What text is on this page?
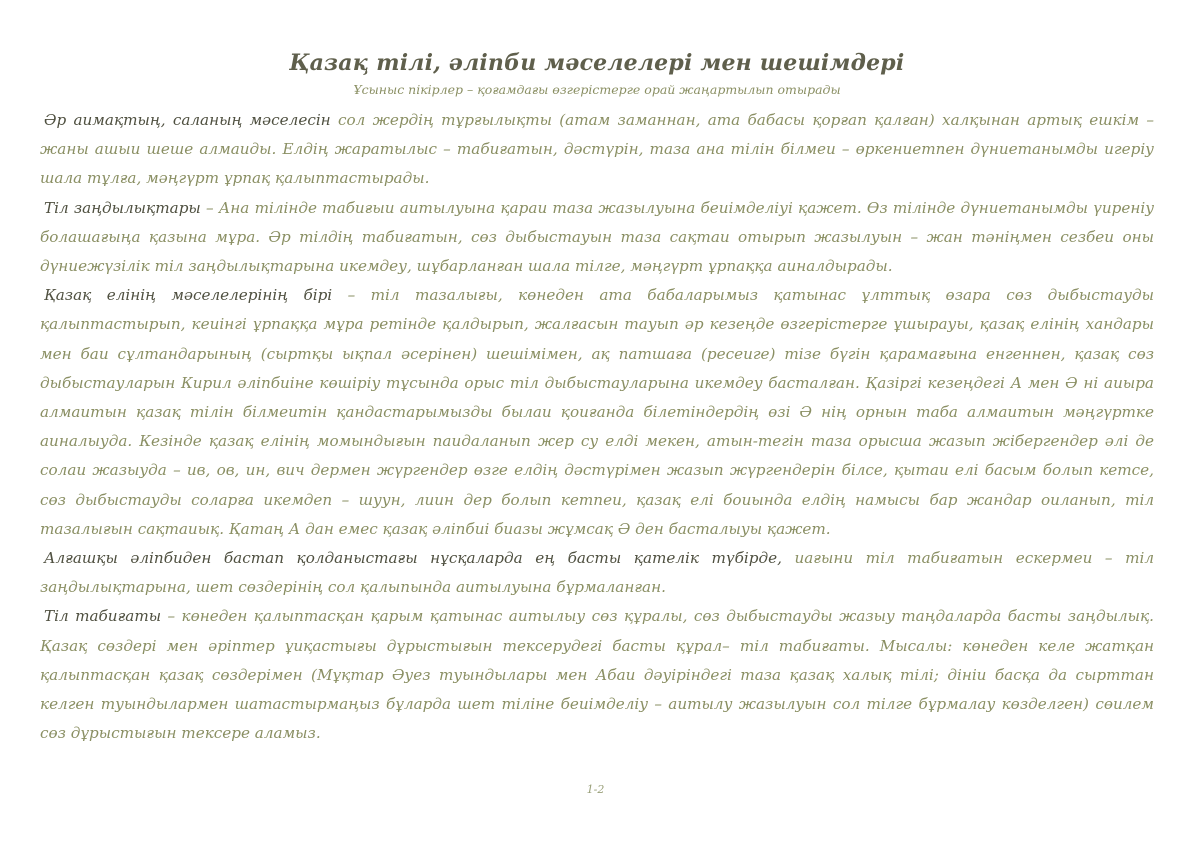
Қазақ тілі, әліпби мәселелері мен шешімдері

Ұсыныс пікірлер – қоғамдағы өзгерістерге орай жаңартылып отырады

Әр аимақтың, саланың мәселесін сол жердің тұрғылықты (атам заманнан, ата бабасы қорғап қалған) халқынан артық ешкім – жаны ашыи шеше алмаиды. Елдің жаратылыс – табиғатын, дәстүрін, таза ана тілін білмеи – өркениетпен дүниетанымды игеріу шала тұлға, мәңгүрт ұрпақ қалыптастырады.

Тіл заңдылықтары – Ана тілінде табиғыи аитылуына қараи таза жазылуына беиімделіуі қажет. Өз тілінде дүниетанымды үиреніу болашағыңа қазына мұра. Әр тілдің табиғатын, сөз дыбыстауын таза сақтаи отырып жазылуын – жан тәніңмен сезбеи оны дүниежүзілік тіл заңдылықтарына икемдеу, шұбарланған шала тілге, мәңгүрт ұрпаққа аиналдырады.

Қазақ елінің мәселелерінің бірі – тіл тазалығы, көнеден ата бабаларымыз қатынас ұлттық өзара сөз дыбыстауды қалыптастырып, кеиінгі ұрпаққа мұра ретінде қалдырып, жалғасын тауып әр кезеңде өзгерістерге ұшырауы, қазақ елінің хандары мен баи сұлтандарының (сыртқы ықпал әсерінен) шешімімен, ақ патшаға (ресеиге) тізе бүгін қарамағына енгеннен, қазақ сөз дыбыстауларын Кирил әліпбиіне көшіріу тұсында орыс тіл дыбыстауларына икемдеу басталған. Қазіргі кезеңдегі А мен Ә ні аиыра алмаитын қазақ тілін білмеитін қандастарымызды былаи қоиғанда білетіндердің өзі Ә нің орнын таба алмаитын мәңгүртке аиналыуда. Кезінде қазақ елінің момындығын паидаланып жер су елді мекен, атын-тегін таза орысша жазып жібергендер әлі де солаи жазыуда – ив, ов, ин, вич дермен жүргендер өзге елдің дәстүрімен жазып жүргендерін білсе, қытаи елі басым болып кетсе, сөз дыбыстауды соларға икемдеп – шуун, лиин дер болып кетпеи, қазақ елі боиында елдің намысы бар жандар оиланып, тіл тазалығын сақтаиық. Қатаң А дан емес қазақ әліпбиі биазы жұмсақ Ә ден басталыуы қажет.

Алғашқы әліпбиден бастап қолданыстағы нұсқаларда ең басты қателік түбірде, иағыни тіл табиғатын ескермеи – тіл заңдылықтарына, шет сөздерінің сол қалыпында аитылуына бұрмаланған.

Тіл табиғаты – көнеден қалыптасқан қарым қатынас аитылыу сөз құралы, сөз дыбыстауды жазыу таңдаларда басты заңдылық. Қазақ сөздері мен әріптер ұиқастығы дұрыстығын тексерудегі басты құрал– тіл табиғаты. Мысалы: көнеден келе жатқан қалыптасқан қазақ сөздерімен (Мұқтар Әуез туындылары мен Абаи дәуіріндегі таза қазақ халық тілі; дініи басқа да сырттан келген туындылармен шатастырмаңыз бұларда шет тіліне беиімделіу – аитылу жазылуын сол тілге бұрмалау көзделген) сөилем сөз дұрыстығын тексере аламыз.

1-2
